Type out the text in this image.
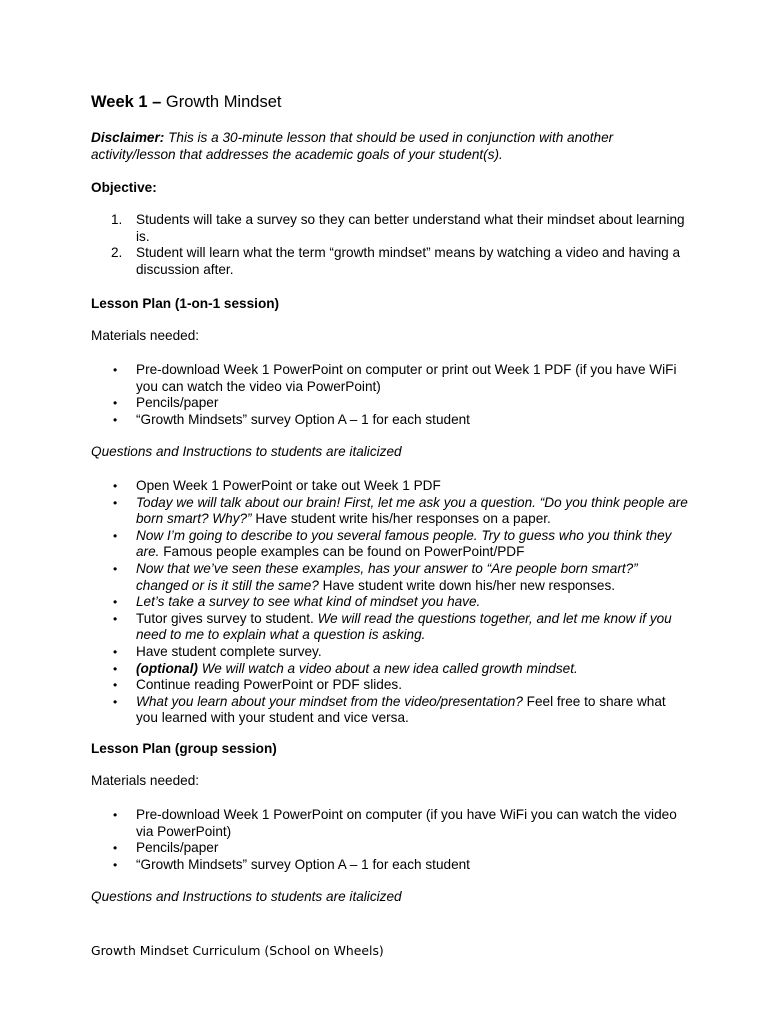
Week 1 – Growth Mindset

Disclaimer: This is a 30-minute lesson that should be used in conjunction with another activity/lesson that addresses the academic goals of your student(s).

Objective:
1. Students will take a survey so they can better understand what their mindset about learning is.
2. Student will learn what the term “growth mindset” means by watching a video and having a discussion after.
Lesson Plan (1-on-1 session)
Materials needed:
• Pre-download Week 1 PowerPoint on computer or print out Week 1 PDF (if you have WiFi you can watch the video via PowerPoint)
• Pencils/paper
• “Growth Mindsets” survey Option A – 1 for each student
Questions and Instructions to students are italicized
• Open Week 1 PowerPoint or take out Week 1 PDF
• Today we will talk about our brain! First, let me ask you a question. “Do you think people are born smart? Why?” Have student write his/her responses on a paper.
• Now I’m going to describe to you several famous people. Try to guess who you think they are. Famous people examples can be found on PowerPoint/PDF
• Now that we’ve seen these examples, has your answer to “Are people born smart?” changed or is it still the same? Have student write down his/her new responses.
• Let’s take a survey to see what kind of mindset you have.
• Tutor gives survey to student. We will read the questions together, and let me know if you need to me to explain what a question is asking.
• Have student complete survey.
• (optional) We will watch a video about a new idea called growth mindset.
• Continue reading PowerPoint or PDF slides.
• What you learn about your mindset from the video/presentation? Feel free to share what you learned with your student and vice versa.
Lesson Plan (group session)
Materials needed:
• Pre-download Week 1 PowerPoint on computer (if you have WiFi you can watch the video via PowerPoint)
• Pencils/paper
• “Growth Mindsets” survey Option A – 1 for each student
Questions and Instructions to students are italicized
Growth Mindset Curriculum (School on Wheels)
